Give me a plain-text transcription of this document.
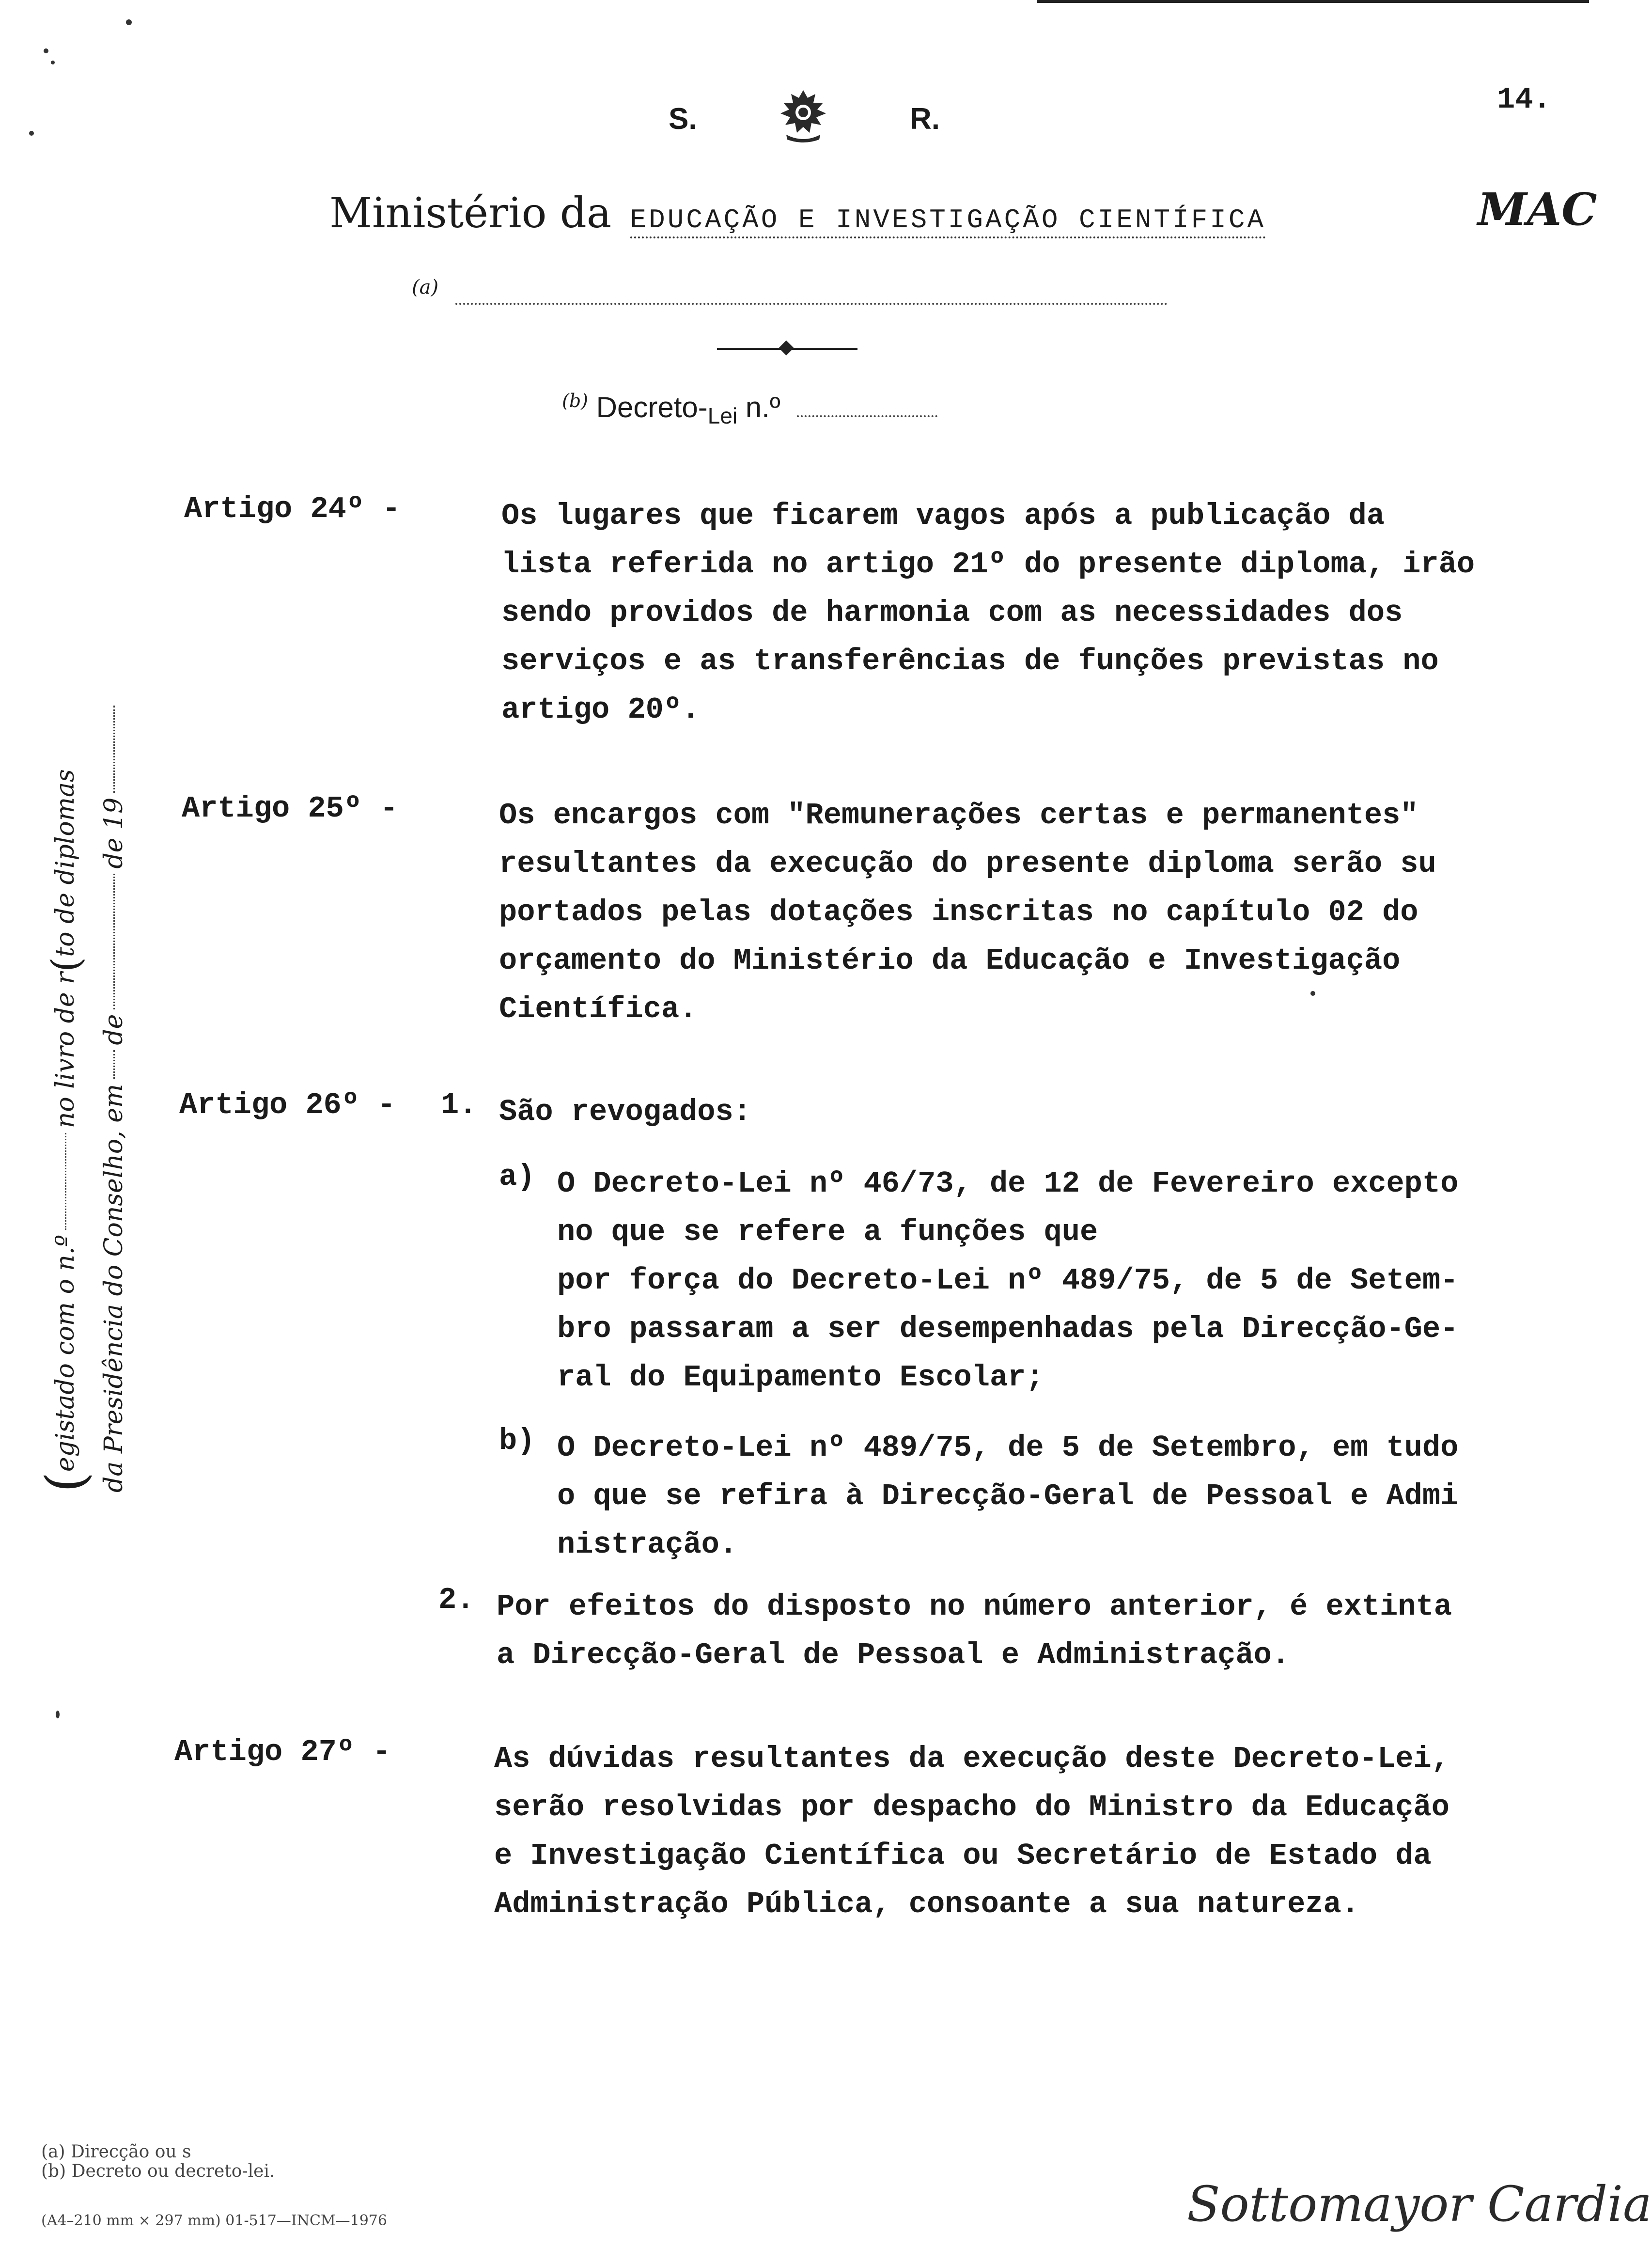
S.	R.
14.
Ministério da EDUCAÇÃO E INVESTIGAÇÃO CIENTÍFICA	MAC
(a)
$^{(b)}$ Decreto-$_{Lei}$ n.º
(
egistado com o n.º
no livro de r
(
to de diplomas
da Presidência do Conselho, em
de
de 19
Artigo 24º -	Os lugares que ficarem vagos após a publicação da
lista referida no artigo 21º do presente diploma, irão
sendo providos de harmonia com as necessidades dos
serviços e as transferências de funções previstas no
artigo 20º.
Artigo 25º -	Os encargos com "Remunerações certas e permanentes"
resultantes da execução do presente diploma serão su
portados pelas dotações inscritas no capítulo 02 do
orçamento do Ministério da Educação e Investigação
Científica.
Artigo 26º - 1. São revogados:
a) O Decreto-Lei nº 46/73, de 12 de Fevereiro excepto
no que se refere a funções que
por força do Decreto-Lei nº 489/75, de 5 de Setem-
bro passaram a ser desempenhadas pela Direcção-Ge-
ral do Equipamento Escolar;
b) O Decreto-Lei nº 489/75, de 5 de Setembro, em tudo
o que se refira à Direcção-Geral de Pessoal e Admi
nistração.
2. Por efeitos do disposto no número anterior, é extinta
a Direcção-Geral de Pessoal e Administração.
Artigo 27º -	As dúvidas resultantes da execução deste Decreto-Lei,
serão resolvidas por despacho do Ministro da Educação
e Investigação Científica ou Secretário de Estado da
Administração Pública, consoante a sua natureza.
(a) Direcção ou s
(b) Decreto ou decreto-lei.
(A4–210 mm × 297 mm) 01-517—INCM—1976	Sottomayor Cardia
